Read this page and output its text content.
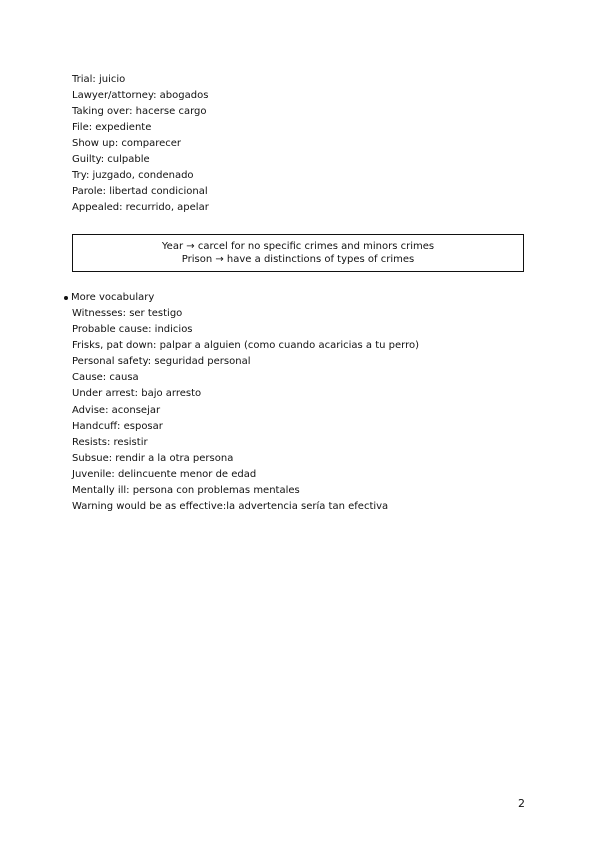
Trial: juicio
Lawyer/attorney: abogados
Taking over: hacerse cargo
File: expediente
Show up: comparecer
Guilty: culpable
Try: juzgado, condenado
Parole: libertad condicional
Appealed: recurrido, apelar
Year → carcel for no specific crimes and minors crimes
Prison → have a distinctions of types of crimes
More vocabulary
Witnesses: ser testigo
Probable cause: indicios
Frisks, pat down: palpar a alguien (como cuando acaricias a tu perro)
Personal safety: seguridad personal
Cause: causa
Under arrest: bajo arresto
Advise: aconsejar
Handcuff: esposar
Resists: resistir
Subsue: rendir a la otra persona
Juvenile: delincuente menor de edad
Mentally ill: persona con problemas mentales
Warning would be as effective:la advertencia sería tan efectiva
2
